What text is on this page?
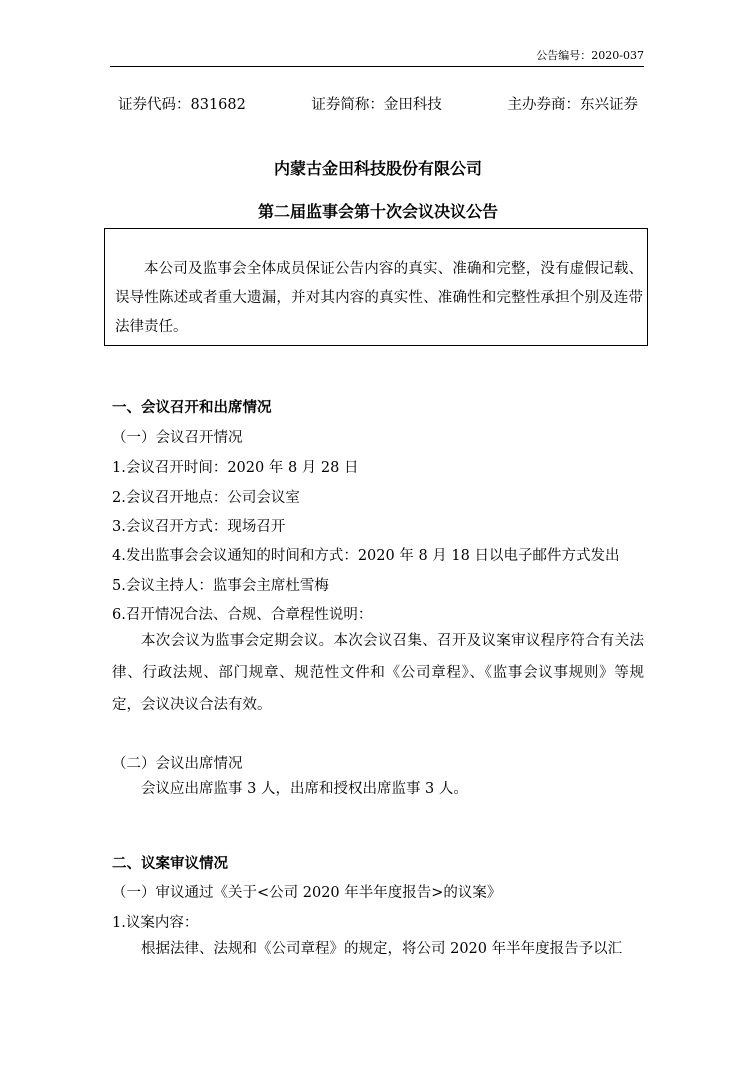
公告编号：2020-037
证券代码：831682	证券简称：金田科技	主办券商：东兴证券
内蒙古金田科技股份有限公司
第二届监事会第十次会议决议公告

本公司及监事会全体成员保证公告内容的真实、准确和完整，没有虚假记载、误导性陈述或者重大遗漏，并对其内容的真实性、准确性和完整性承担个别及连带法律责任。

一、会议召开和出席情况
（一）会议召开情况
1.会议召开时间：2020 年 8 月 28 日
2.会议召开地点：公司会议室
3.会议召开方式：现场召开
4.发出监事会会议通知的时间和方式：2020 年 8 月 18 日以电子邮件方式发出
5.会议主持人：监事会主席杜雪梅
6.召开情况合法、合规、合章程性说明：

本次会议为监事会定期会议。本次会议召集、召开及议案审议程序符合有关法律、行政法规、部门规章、规范性文件和《公司章程》、《监事会议事规则》等规定，会议决议合法有效。

（二）会议出席情况

会议应出席监事 3 人，出席和授权出席监事 3 人。

二、议案审议情况
（一）审议通过《关于<公司 2020 年半年度报告>的议案》
1.议案内容：

根据法律、法规和《公司章程》的规定，将公司 2020 年半年度报告予以汇
